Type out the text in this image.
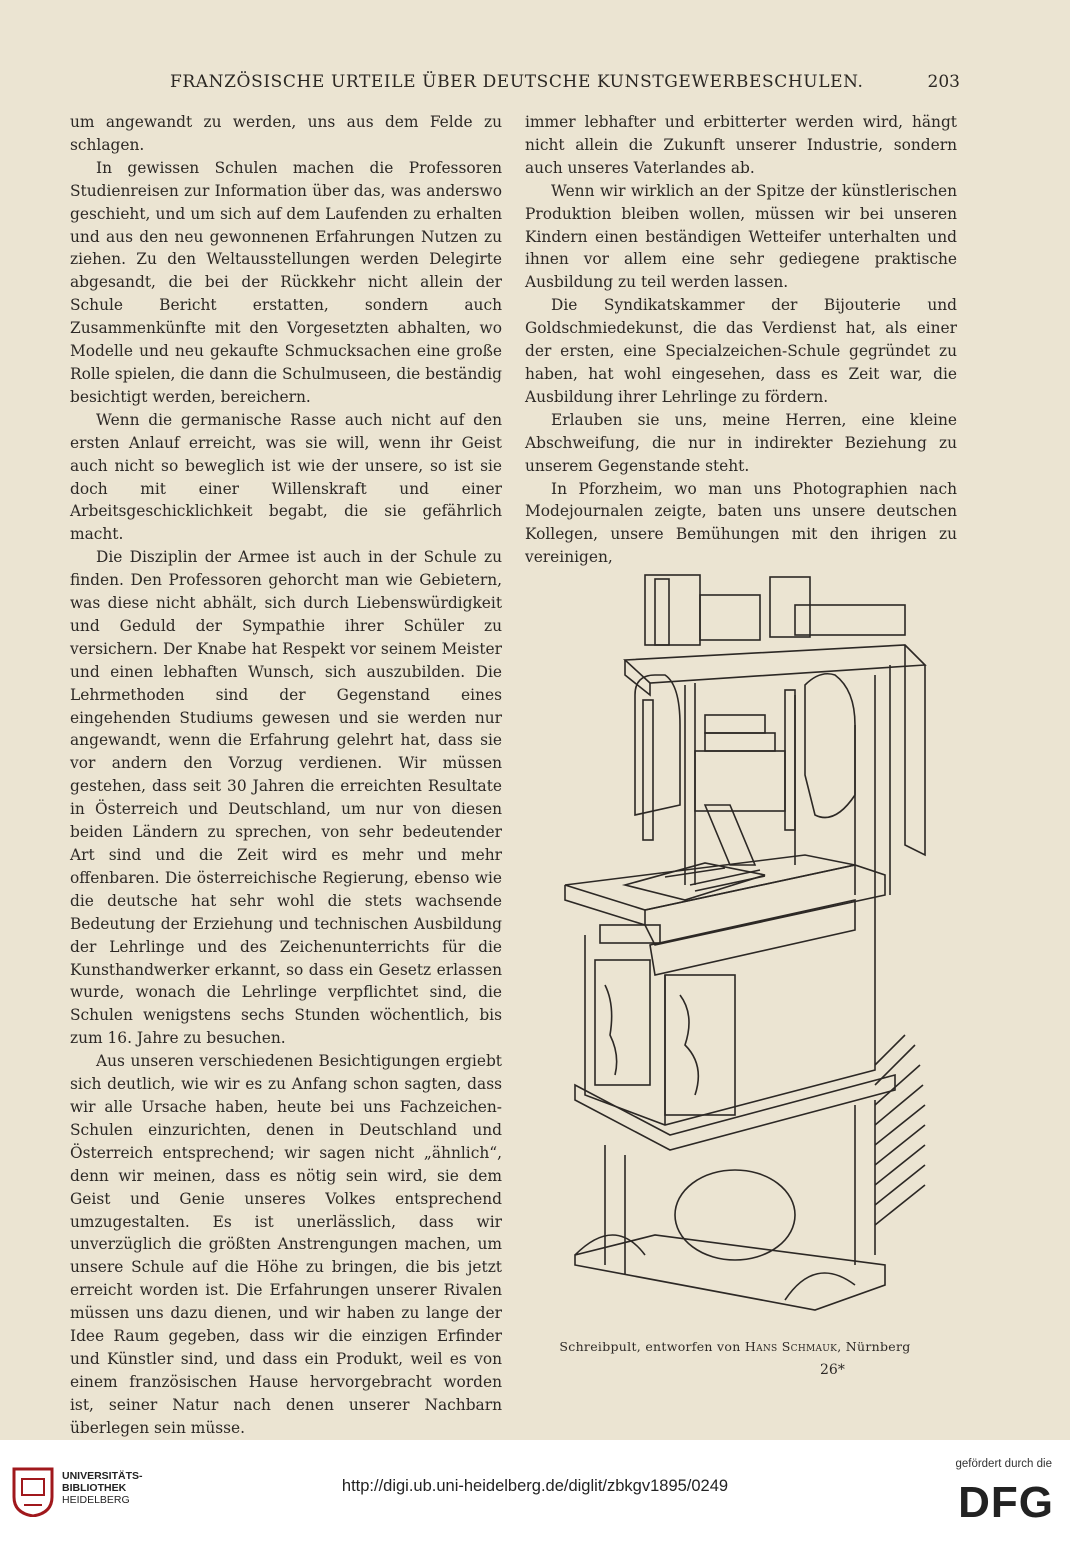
FRANZÖSISCHE URTEILE ÜBER DEUTSCHE KUNSTGEWERBESCHULEN.	203

um angewandt zu werden, uns aus dem Felde zu schlagen.

In gewissen Schulen machen die Professoren Studienreisen zur Information über das, was anderswo geschieht, und um sich auf dem Laufenden zu erhalten und aus den neu gewonnenen Erfahrungen Nutzen zu ziehen. Zu den Weltausstellungen werden Delegirte abgesandt, die bei der Rückkehr nicht allein der Schule Bericht erstatten, sondern auch Zusammenkünfte mit den Vorgesetzten abhalten, wo Modelle und neu gekaufte Schmucksachen eine große Rolle spielen, die dann die Schulmuseen, die beständig besichtigt werden, bereichern.

Wenn die germanische Rasse auch nicht auf den ersten Anlauf erreicht, was sie will, wenn ihr Geist auch nicht so beweglich ist wie der unsere, so ist sie doch mit einer Willenskraft und einer Arbeitsgeschicklichkeit begabt, die sie gefährlich macht.

Die Disziplin der Armee ist auch in der Schule zu finden. Den Professoren gehorcht man wie Gebietern, was diese nicht abhält, sich durch Liebenswürdigkeit und Geduld der Sympathie ihrer Schüler zu versichern. Der Knabe hat Respekt vor seinem Meister und einen lebhaften Wunsch, sich auszubilden. Die Lehrmethoden sind der Gegenstand eines eingehenden Studiums gewesen und sie werden nur angewandt, wenn die Erfahrung gelehrt hat, dass sie vor andern den Vorzug verdienen. Wir müssen gestehen, dass seit 30 Jahren die erreichten Resultate in Österreich und Deutschland, um nur von diesen beiden Ländern zu sprechen, von sehr bedeutender Art sind und die Zeit wird es mehr und mehr offenbaren. Die österreichische Regierung, ebenso wie die deutsche hat sehr wohl die stets wachsende Bedeutung der Erziehung und technischen Ausbildung der Lehrlinge und des Zeichenunterrichts für die Kunsthandwerker erkannt, so dass ein Gesetz erlassen wurde, wonach die Lehrlinge verpflichtet sind, die Schulen wenigstens sechs Stunden wöchentlich, bis zum 16. Jahre zu besuchen.

Aus unseren verschiedenen Besichtigungen ergiebt sich deutlich, wie wir es zu Anfang schon sagten, dass wir alle Ursache haben, heute bei uns Fachzeichen-Schulen einzurichten, denen in Deutschland und Österreich entsprechend; wir sagen nicht „ähnlich“, denn wir meinen, dass es nötig sein wird, sie dem Geist und Genie unseres Volkes entsprechend umzugestalten. Es ist unerlässlich, dass wir unverzüglich die größten Anstrengungen machen, um unsere Schule auf die Höhe zu bringen, die bis jetzt erreicht worden ist. Die Erfahrungen unserer Rivalen müssen uns dazu dienen, und wir haben zu lange der Idee Raum gegeben, dass wir die einzigen Erfinder und Künstler sind, und dass ein Produkt, weil es von einem französischen Hause hervorgebracht worden ist, seiner Natur nach denen unserer Nachbarn überlegen sein müsse.

immer lebhafter und erbitterter werden wird, hängt nicht allein die Zukunft unserer Industrie, sondern auch unseres Vaterlandes ab.

Wenn wir wirklich an der Spitze der künstlerischen Produktion bleiben wollen, müssen wir bei unseren Kindern einen beständigen Wetteifer unterhalten und ihnen vor allem eine sehr gediegene praktische Ausbildung zu teil werden lassen.

Die Syndikatskammer der Bijouterie und Goldschmiedekunst, die das Verdienst hat, als einer der ersten, eine Specialzeichen-Schule gegründet zu haben, hat wohl eingesehen, dass es Zeit war, die Ausbildung ihrer Lehrlinge zu fördern.

Erlauben sie uns, meine Herren, eine kleine Abschweifung, die nur in indirekter Beziehung zu unserem Gegenstande steht.

In Pforzheim, wo man uns Photographien nach Modejournalen zeigte, baten uns unsere deutschen Kollegen, unsere Bemühungen mit den ihrigen zu vereinigen,

Schreibpult, entworfen von Hans Schmauk, Nürnberg
26*
UNIVERSITÄTS-
BIBLIOTHEK
HEIDELBERG
http://digi.ub.uni-heidelberg.de/diglit/zbkgv1895/0249
gefördert durch die
DFG
